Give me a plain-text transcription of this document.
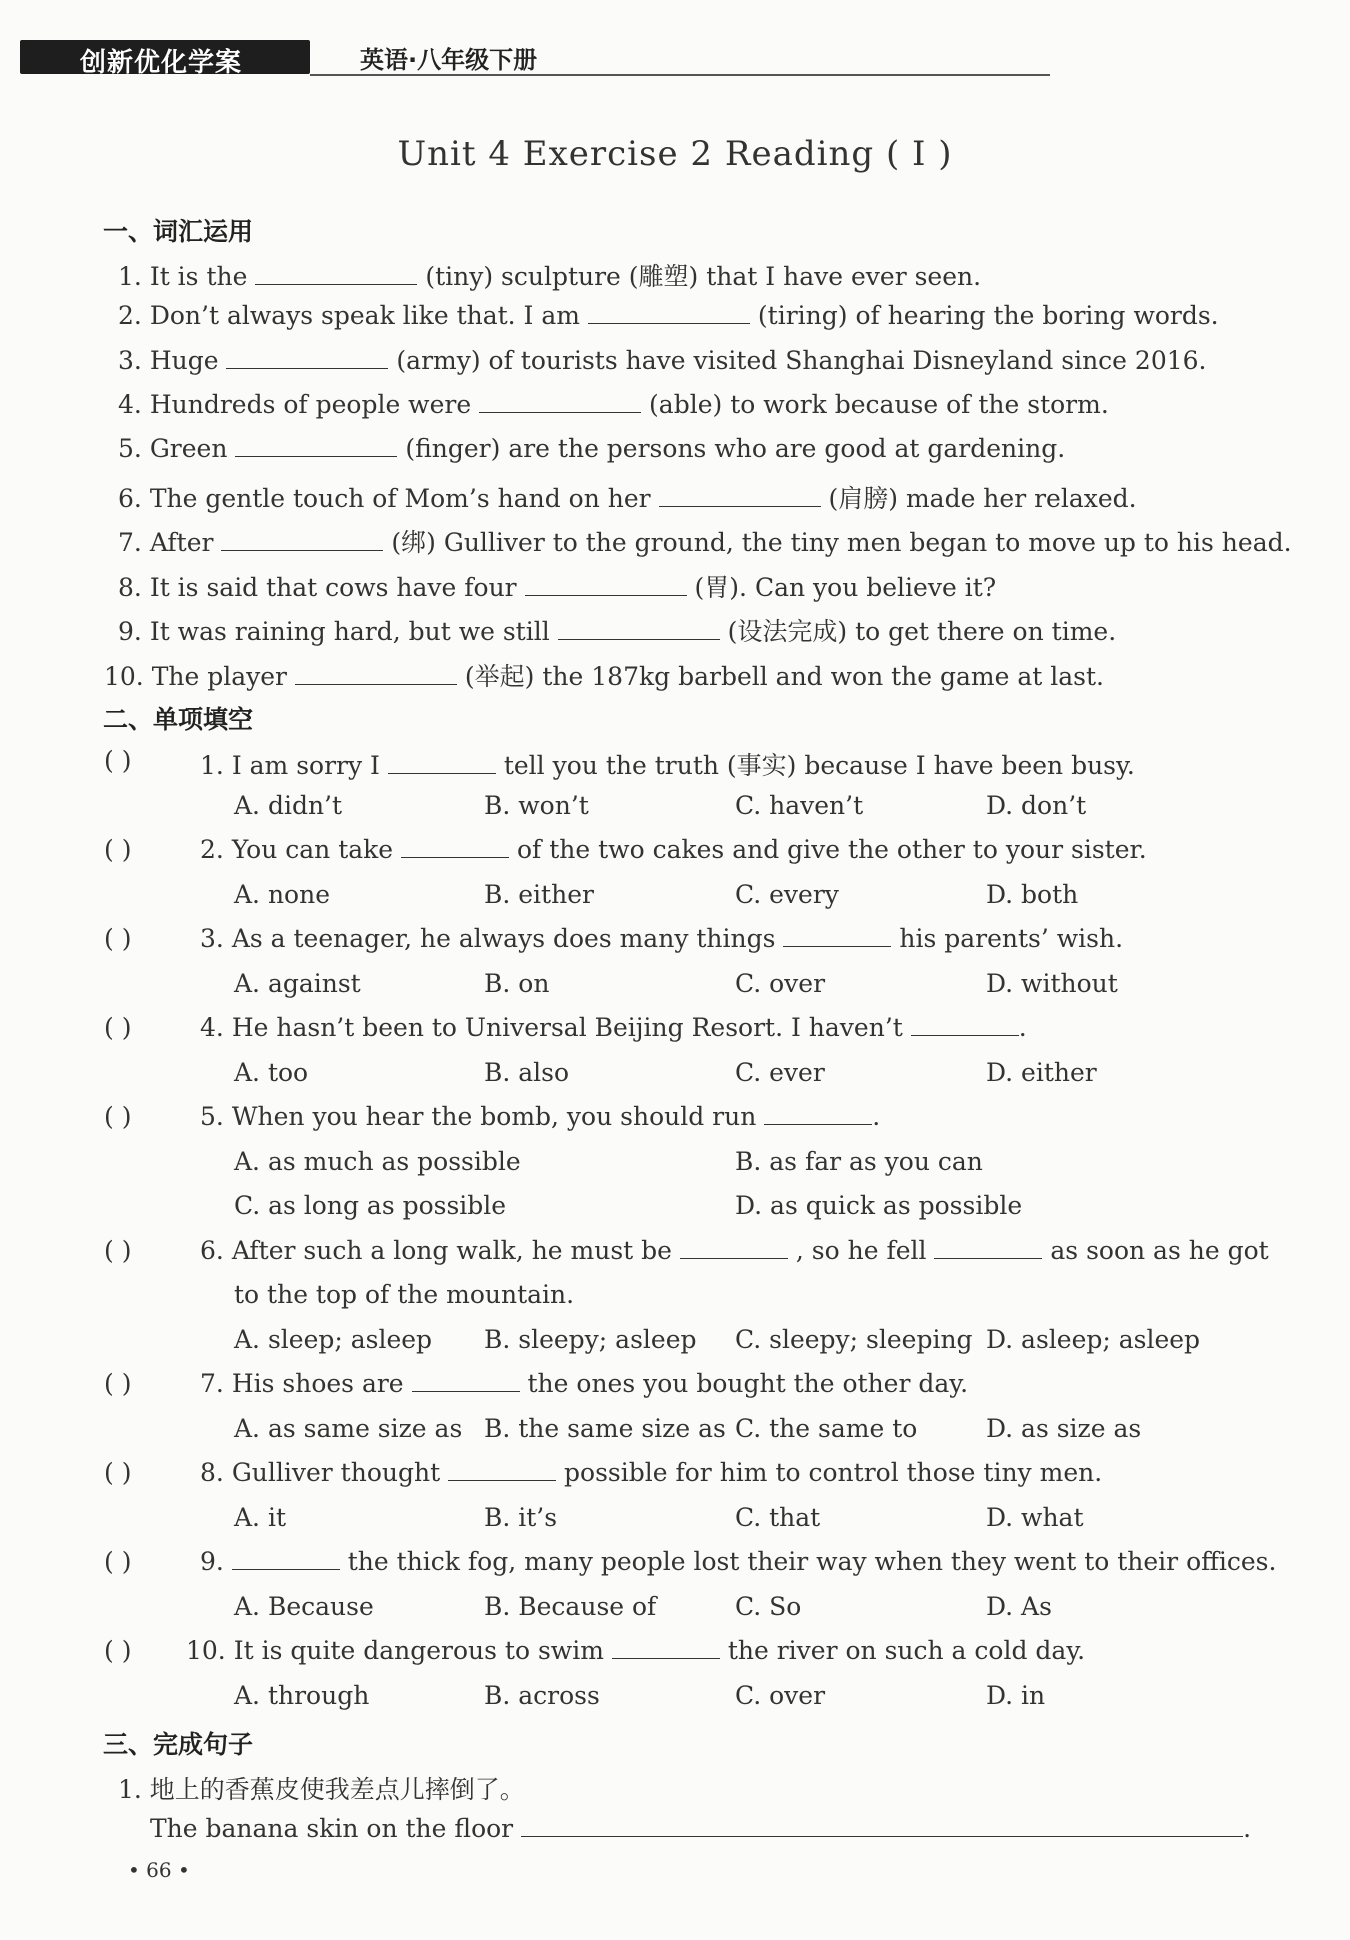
创新优化学案	英语·八年级下册
Unit 4 Exercise 2 Reading ( Ⅰ )
一、词汇运用
1. It is the	(tiny) sculpture (雕塑) that I have ever seen.
2. Don’t always speak like that. I am	(tiring) of hearing the boring words.
3. Huge	(army) of tourists have visited Shanghai Disneyland since 2016.
4. Hundreds of people were	(able) to work because of the storm.
5. Green	(finger) are the persons who are good at gardening.
6. The gentle touch of Mom’s hand on her	(肩膀) made her relaxed.
7. After	(绑) Gulliver to the ground, the tiny men began to move up to his head.
8. It is said that cows have four	(胃). Can you believe it?
9. It was raining hard, but we still	(设法完成) to get there on time.
10. The player	(举起) the 187kg barbell and won the game at last.
二、单项填空
( )	1. I am sorry I	tell you the truth (事实) because I have been busy.
A. didn’t	B. won’t	C. haven’t	D. don’t
( )	2. You can take	of the two cakes and give the other to your sister.
A. none	B. either	C. every	D. both
( )	3. As a teenager, he always does many things	his parents’ wish.
A. against	B. on	C. over	D. without
( )	4. He hasn’t been to Universal Beijing Resort. I haven’t	.
A. too	B. also	C. ever	D. either
( )	5. When you hear the bomb, you should run	.
A. as much as possible	B. as far as you can
C. as long as possible	D. as quick as possible
( )	6. After such a long walk, he must be	, so he fell	as soon as he got
to the top of the mountain.
A. sleep; asleep B. sleepy; asleep C. sleepy; sleeping D. asleep; asleep
( )	7. His shoes are	the ones you bought the other day.
A. as same size as B. the same size as C. the same to	D. as size as
( )	8. Gulliver thought	possible for him to control those tiny men.
A. it	B. it’s	C. that	D. what
( )	9.	the thick fog, many people lost their way when they went to their offices.
A. Because	B. Because of	C. So	D. As
( ) 10. It is quite dangerous to swim	the river on such a cold day.
A. through	B. across	C. over	D. in
三、完成句子
1. 地上的香蕉皮使我差点儿摔倒了。
The banana skin on the floor	.
• 66 •
